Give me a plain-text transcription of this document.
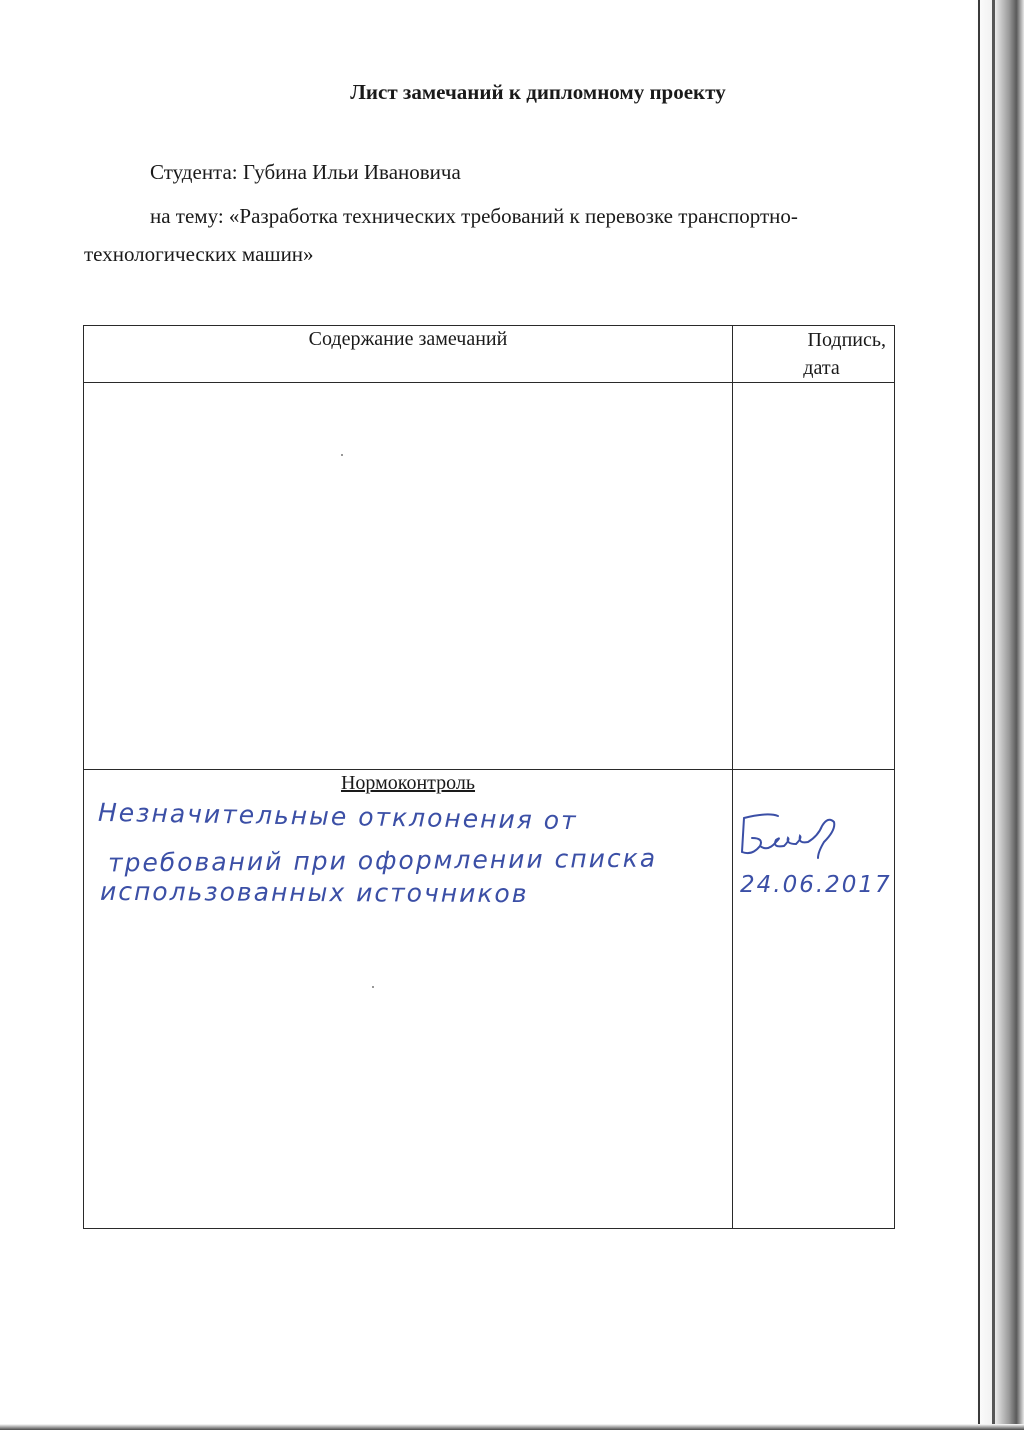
Лист замечаний к дипломному проекту
Студента: Губина Ильи Ивановича
на тему: «Разработка технических требований к перевозке транспортно-
технологических машин»
Содержание замечаний	Подпись,
дата

Нормоконтроль	

Незначительные отклонения от
требований при оформлении списка
использованных источников	24.06.2017
